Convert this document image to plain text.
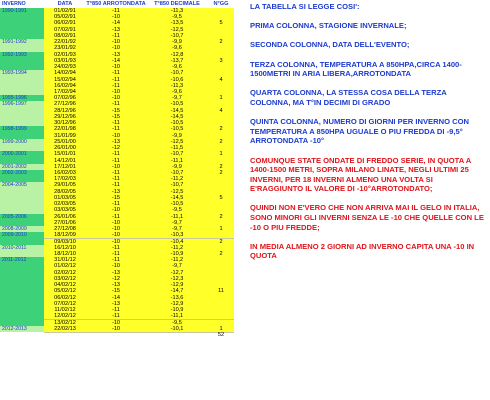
INVERNO	DATA	T°850 ARROTONDATA	T°850 DECIMALE	N°GG
1990-1991	01/02/91	-11	-11,3
05/02/91	-10	-9,5
06/02/91	-14	-13,5	5
07/02/91	-13	-12,5
08/02/91	-11	-10,7
1991-1992	22/01/92	-10	-9,9	2
23/01/92	-10	-9,6
1992-1993	02/01/93	-13	-12,8
03/01/93	-14	-13,7	3
24/02/93	-10	-9,6
1993-1994	14/02/94	-11	-10,7
15/02/94	-11	-10,6	4
16/02/94	-11	-11,3
17/02/94	-10	-9,6
1995-1996	07/02/96	-10	-9,7	1
1996-1997	27/12/96	-11	-10,5
28/12/96	-15	-14,5	4
29/12/96	-15	-14,5
30/12/96	-11	-10,5
1998-1999	22/01/98	-11	-10,5	2
31/01/99	-10	-9,9
1999-2000	25/01/00	-13	-12,5	2
26/01/00	-12	-11,5
2000-2001	15/01/01	-11	-10,7	1
14/12/01	-11	-11,1
2001-2002	17/12/01	-10	-9,9	2
2002-2003	16/02/03	-11	-10,7	2
17/02/03	-11	-11,2
2004-2005	29/01/05	-11	-10,7
28/02/05	-13	-12,5
01/03/05	-15	-14,5	5
02/03/05	-11	-10,5
03/03/05	-10	-9,5
2005-2006	26/01/06	-11	-11,1	2
27/01/06	-10	-9,7
2008-2009	27/12/08	-10	-9,7	1
2009-2010	18/12/09	-10	-10,3
09/03/10	-10	-10,4	2
2010-2011	16/12/10	-11	-11,2
18/12/10	-11	-10,9	2
2011-2012	31/01/12	-11	-11,2
01/02/12	-10	-9,7
02/02/12	-13	-12,7
03/02/12	-12	-12,3
04/02/12	-13	-12,9
05/02/12	-15	-14,7	11
06/02/12	-14	-13,6
07/02/12	-13	-12,9
11/02/12	-11	-10,9
12/02/12	-11	-11,1
13/02/12	-10	-9,5
2012-2013	22/02/13	-10	-10,1	1
52

LA TABELLA SI LEGGE COSI':

PRIMA COLONNA, STAGIONE INVERNALE;

SECONDA COLONNA, DATA DELL'EVENTO;

TERZA COLONNA, TEMPERATURA A 850HPA,CIRCA 1400-1500METRI IN ARIA LIBERA,ARROTONDATA

QUARTA COLONNA, LA STESSA COSA DELLA TERZA COLONNA, MA T°IN DECIMI DI GRADO

QUINTA COLONNA, NUMERO DI GIORNI PER INVERNO CON TEMPERATURA A 850HPA UGUALE O PIU FREDDA DI -9,5° ARROTONDATA -10°

COMUNQUE STATE ONDATE DI FREDDO SERIE, IN QUOTA A 1400-1500 METRI, SOPRA MILANO LINATE, NEGLI ULTIMI 25 INVERNI, PER 18 INVERNI ALMENO UNA VOLTA SI E'RAGGIUNTO IL VALORE DI -10°ARROTONDATO;

QUINDI NON E'VERO CHE NON ARRIVA MAI IL GELO IN ITALIA, SONO MINORI GLI INVERNI SENZA LE -10 CHE QUELLE CON LE -10 O PIU FREDDE;

IN MEDIA ALMENO 2 GIORNI AD INVERNO CAPITA UNA -10 IN QUOTA
